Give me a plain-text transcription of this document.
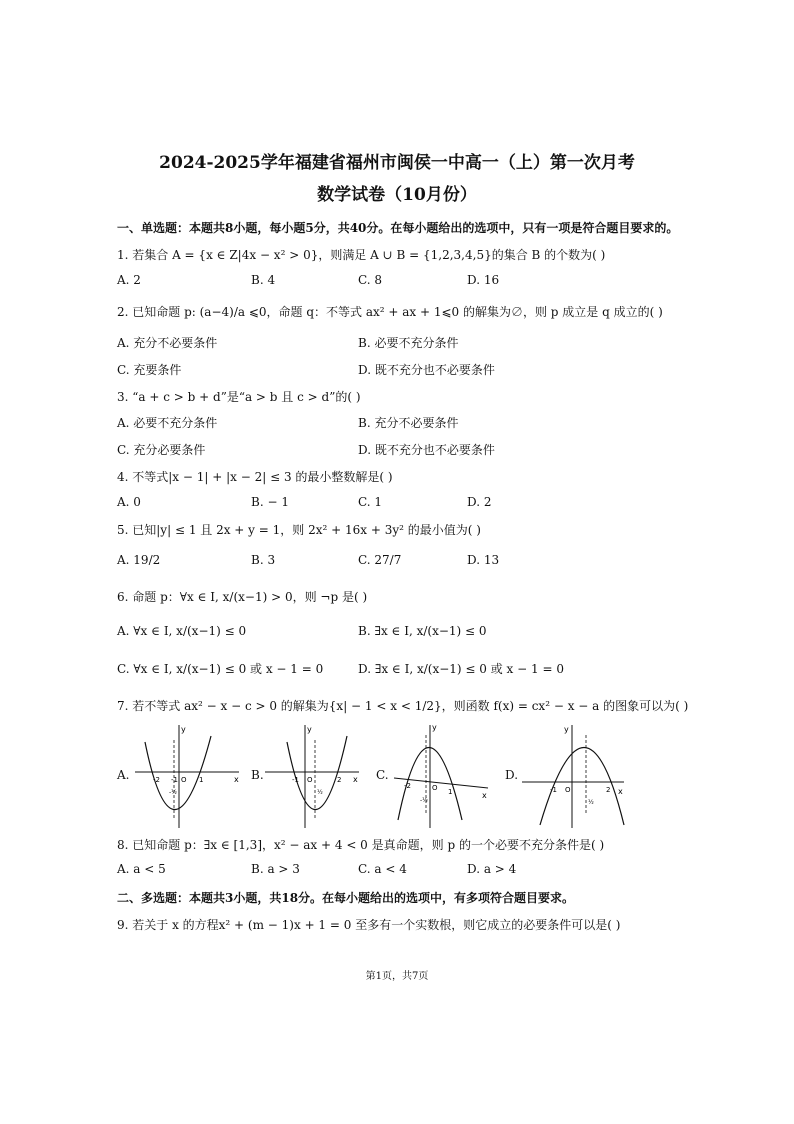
2024-2025学年福建省福州市闽侯一中高一（上）第一次月考
数学试卷（10月份）
一、单选题：本题共8小题，每小题5分，共40分。在每小题给出的选项中，只有一项是符合题目要求的。
1. 若集合 A = {x ∈ Z|4x − x² > 0}，则满足 A ∪ B = {1,2,3,4,5}的集合 B 的个数为( )
A. 2	B. 4	C. 8	D. 16
2. 已知命题 p: (a−4)/a ⩽0，命题 q：不等式 ax² + ax + 1⩽0 的解集为∅，则 p 成立是 q 成立的( )
A. 充分不必要条件	B. 必要不充分条件
C. 充要条件	D. 既不充分也不必要条件
3. “a + c > b + d”是“a > b 且 c > d”的( )
A. 必要不充分条件	B. 充分不必要条件
C. 充分必要条件	D. 既不充分也不必要条件
4. 不等式|x − 1| + |x − 2| ≤ 3 的最小整数解是( )
A. 0	B. − 1	C. 1	D. 2
5. 已知|y| ≤ 1 且 2x + y = 1，则 2x² + 16x + 3y² 的最小值为( )
A. 19/2	B. 3	C. 27/7	D. 13
6. 命题 p：∀x ∈ I, x/(x−1) > 0，则 ¬p 是( )
A. ∀x ∈ I, x/(x−1) ≤ 0	B. ∃x ∈ I, x/(x−1) ≤ 0
C. ∀x ∈ I, x/(x−1) ≤ 0 或 x − 1 = 0	D. ∃x ∈ I, x/(x−1) ≤ 0 或 x − 1 = 0
7. 若不等式 ax² − x − c > 0 的解集为{x| − 1 < x < 1/2}，则函数 f(x) = cx² − x − a 的图象可以为( )
A.	x
y
-2 -1 O 1
-½
B.	x
y
-1 O	2
½
C.
x
y
-2	O 1
-½
D.
x
y
-1 O	2
½
8. 已知命题 p：∃x ∈ [1,3]，x² − ax + 4 < 0 是真命题，则 p 的一个必要不充分条件是( )
A. a < 5	B. a > 3	C. a < 4	D. a > 4
二、多选题：本题共3小题，共18分。在每小题给出的选项中，有多项符合题目要求。
9. 若关于 x 的方程x² + (m − 1)x + 1 = 0 至多有一个实数根，则它成立的必要条件可以是( )
第1页，共7页
